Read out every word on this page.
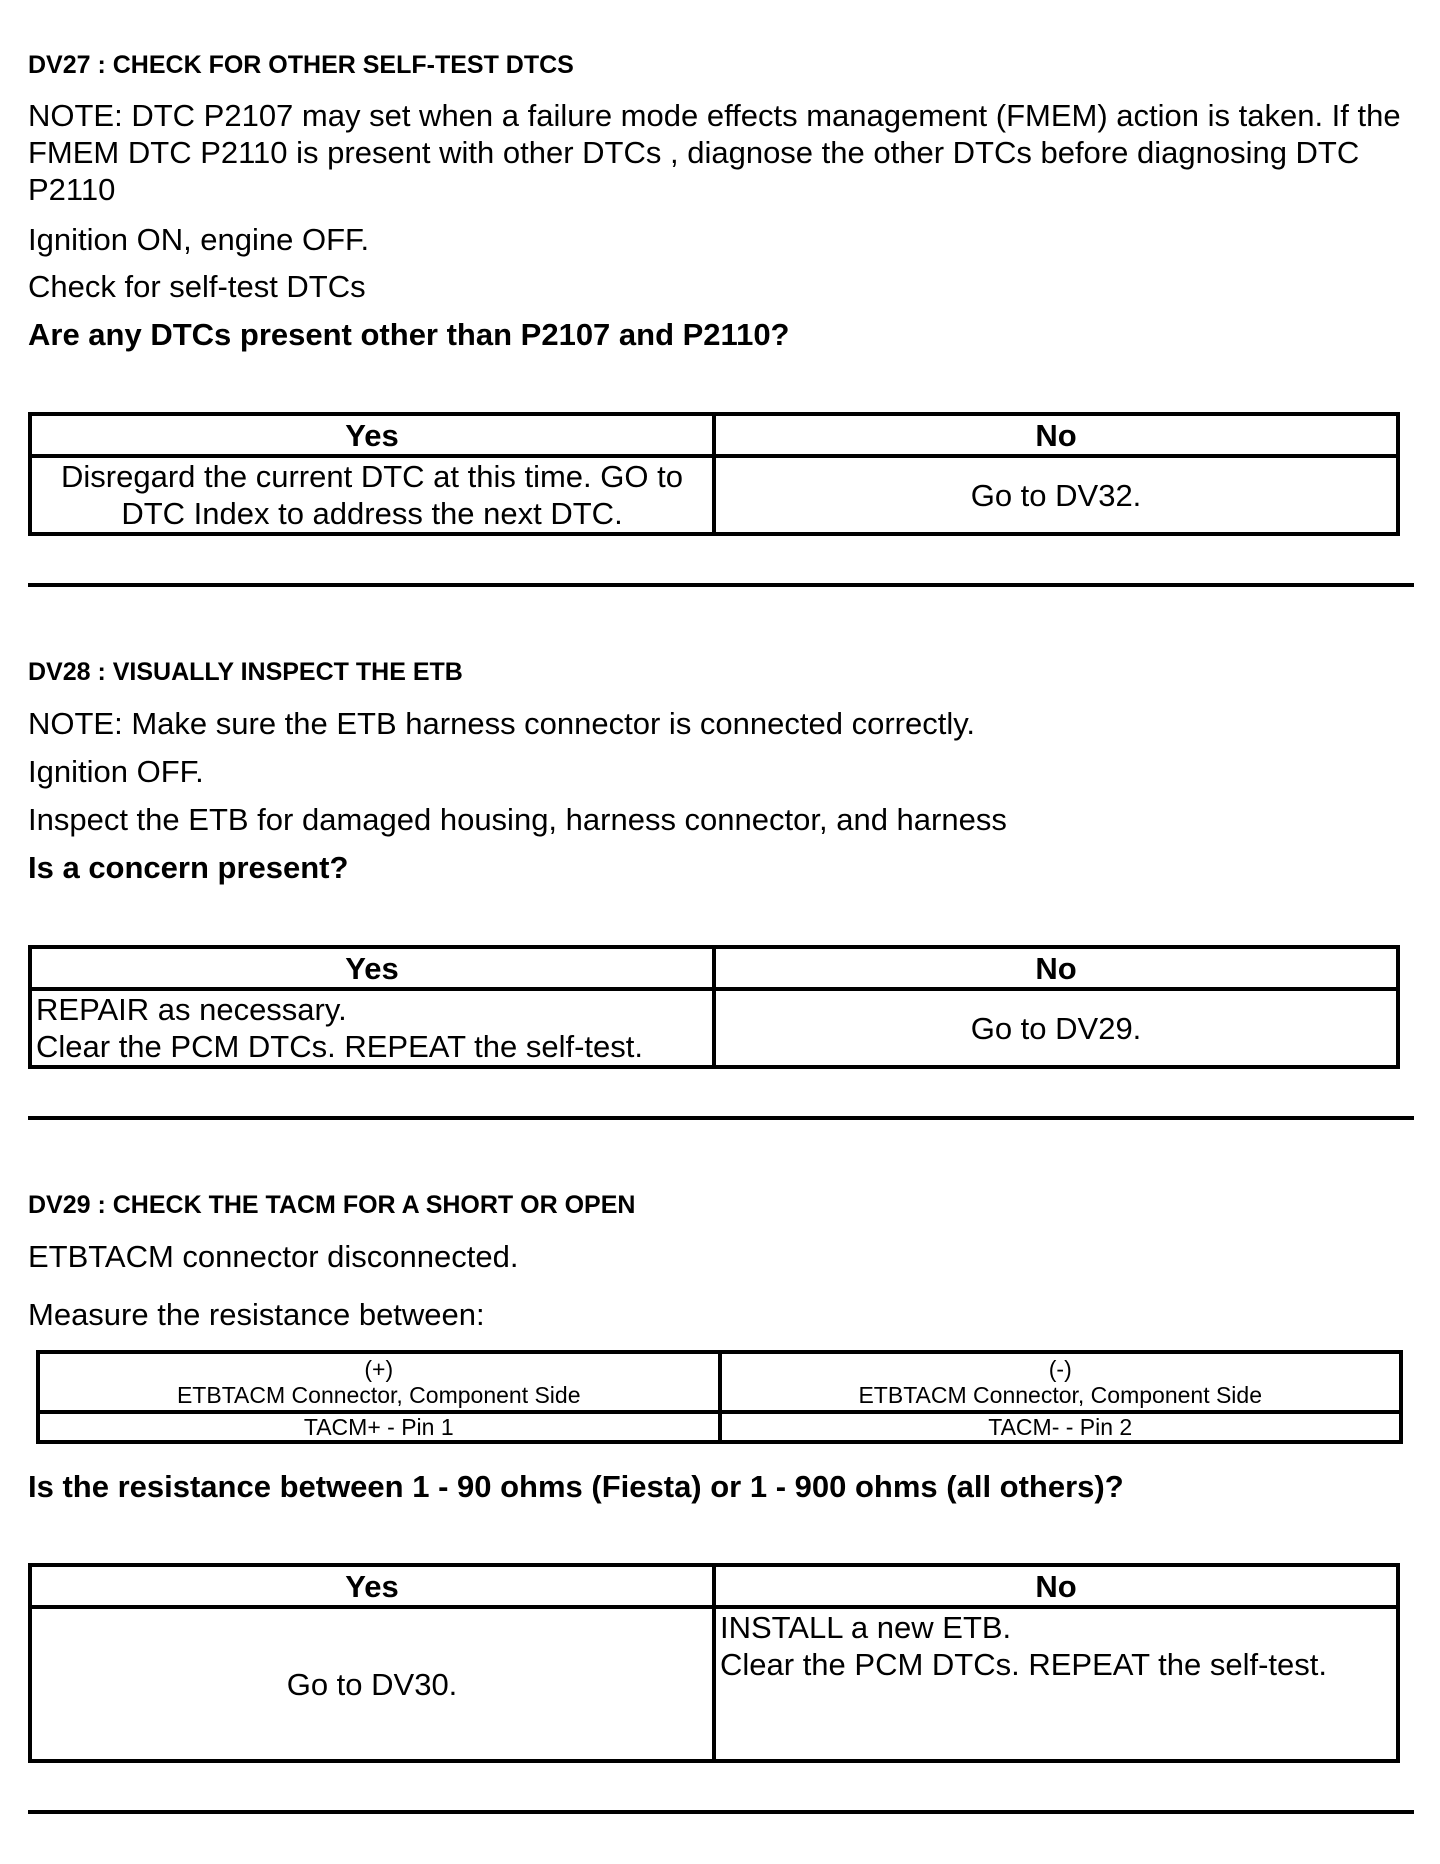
DV27 : CHECK FOR OTHER SELF-TEST DTCS

NOTE: DTC P2107 may set when a failure mode effects management (FMEM) action is taken. If the FMEM DTC P2110 is present with other DTCs , diagnose the other DTCs before diagnosing DTC P2110

Ignition ON, engine OFF.

Check for self-test DTCs

Are any DTCs present other than P2107 and P2110?

Yes	No

Disregard the current DTC at this time. GO to
DTC Index to address the next DTC.	Go to DV32.

DV28 : VISUALLY INSPECT THE ETB

NOTE: Make sure the ETB harness connector is connected correctly.

Ignition OFF.

Inspect the ETB for damaged housing, harness connector, and harness

Is a concern present?

Yes	No

REPAIR as necessary.
Clear the PCM DTCs. REPEAT the self-test.	Go to DV29.

DV29 : CHECK THE TACM FOR A SHORT OR OPEN

ETBTACM connector disconnected.

Measure the resistance between:

(+)
ETBTACM Connector, Component Side	(-)
ETBTACM Connector, Component Side

TACM+ - Pin 1	TACM- - Pin 2

Is the resistance between 1 - 90 ohms (Fiesta) or 1 - 900 ohms (all others)?

Yes	No
Go to DV30.	INSTALL a new ETB.
Clear the PCM DTCs. REPEAT the self-test.
